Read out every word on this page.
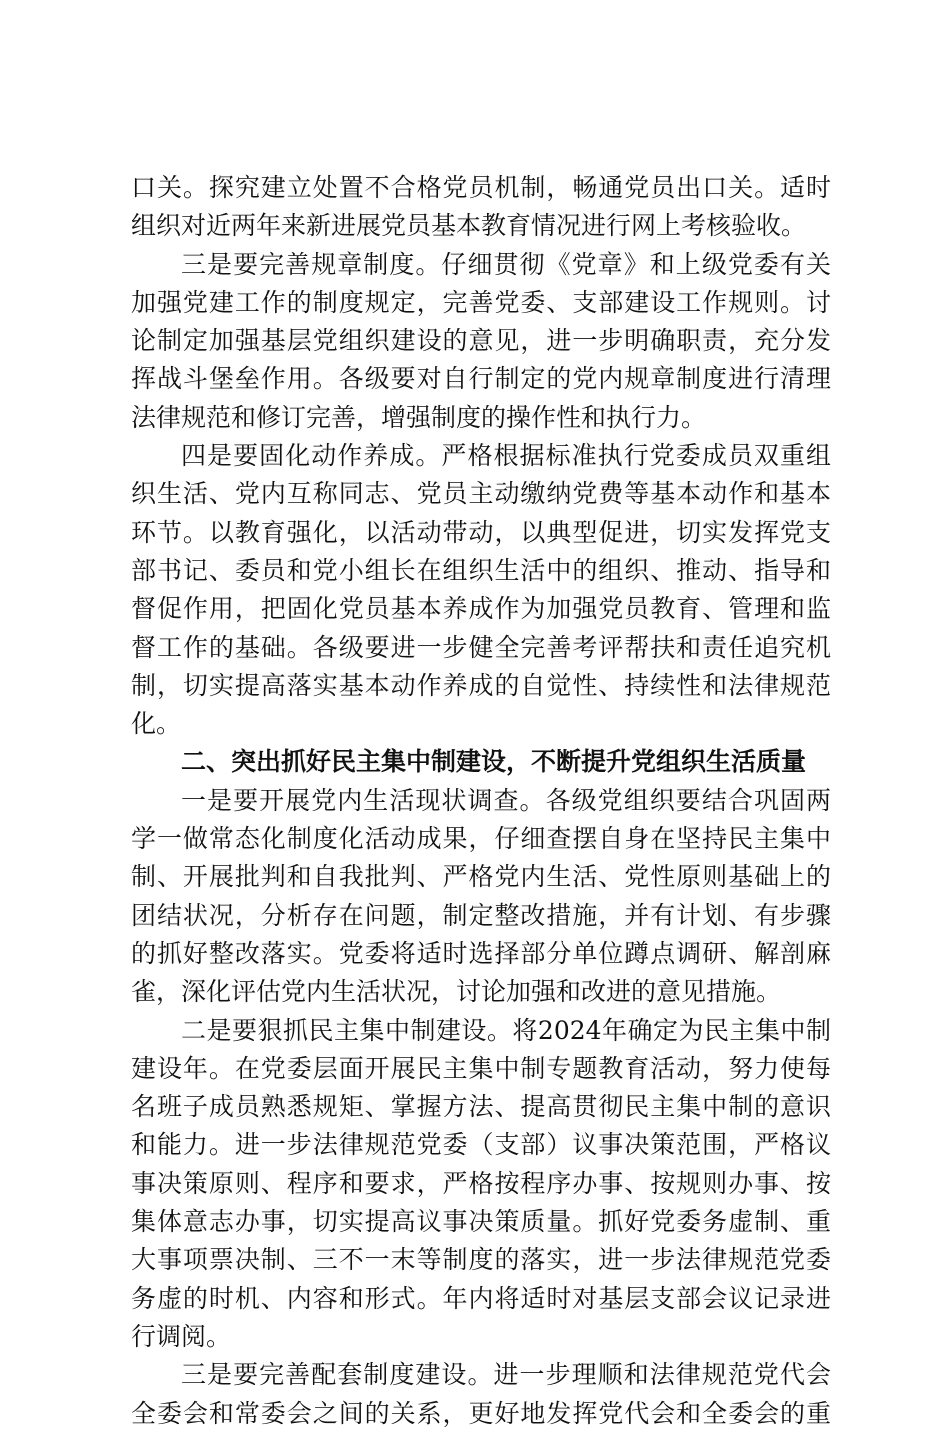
口关。探究建立处置不合格党员机制，畅通党员出口关。适时
组织对近两年来新进展党员基本教育情况进行网上考核验收。
三是要完善规章制度。仔细贯彻《党章》和上级党委有关
加强党建工作的制度规定，完善党委、支部建设工作规则。讨
论制定加强基层党组织建设的意见，进一步明确职责，充分发
挥战斗堡垒作用。各级要对自行制定的党内规章制度进行清理
法律规范和修订完善，增强制度的操作性和执行力。
四是要固化动作养成。严格根据标准执行党委成员双重组
织生活、党内互称同志、党员主动缴纳党费等基本动作和基本
环节。以教育强化，以活动带动，以典型促进，切实发挥党支
部书记、委员和党小组长在组织生活中的组织、推动、指导和
督促作用，把固化党员基本养成作为加强党员教育、管理和监
督工作的基础。各级要进一步健全完善考评帮扶和责任追究机
制，切实提高落实基本动作养成的自觉性、持续性和法律规范
化。
二、突出抓好民主集中制建设，不断提升党组织生活质量
一是要开展党内生活现状调查。各级党组织要结合巩固两
学一做常态化制度化活动成果，仔细查摆自身在坚持民主集中
制、开展批判和自我批判、严格党内生活、党性原则基础上的
团结状况，分析存在问题，制定整改措施，并有计划、有步骤
的抓好整改落实。党委将适时选择部分单位蹲点调研、解剖麻
雀，深化评估党内生活状况，讨论加强和改进的意见措施。
二是要狠抓民主集中制建设。将2024年确定为民主集中制
建设年。在党委层面开展民主集中制专题教育活动，努力使每
名班子成员熟悉规矩、掌握方法、提高贯彻民主集中制的意识
和能力。进一步法律规范党委（支部）议事决策范围，严格议
事决策原则、程序和要求，严格按程序办事、按规则办事、按
集体意志办事，切实提高议事决策质量。抓好党委务虚制、重
大事项票决制、三不一末等制度的落实，进一步法律规范党委
务虚的时机、内容和形式。年内将适时对基层支部会议记录进
行调阅。
三是要完善配套制度建设。进一步理顺和法律规范党代会
全委会和常委会之间的关系，更好地发挥党代会和全委会的重
